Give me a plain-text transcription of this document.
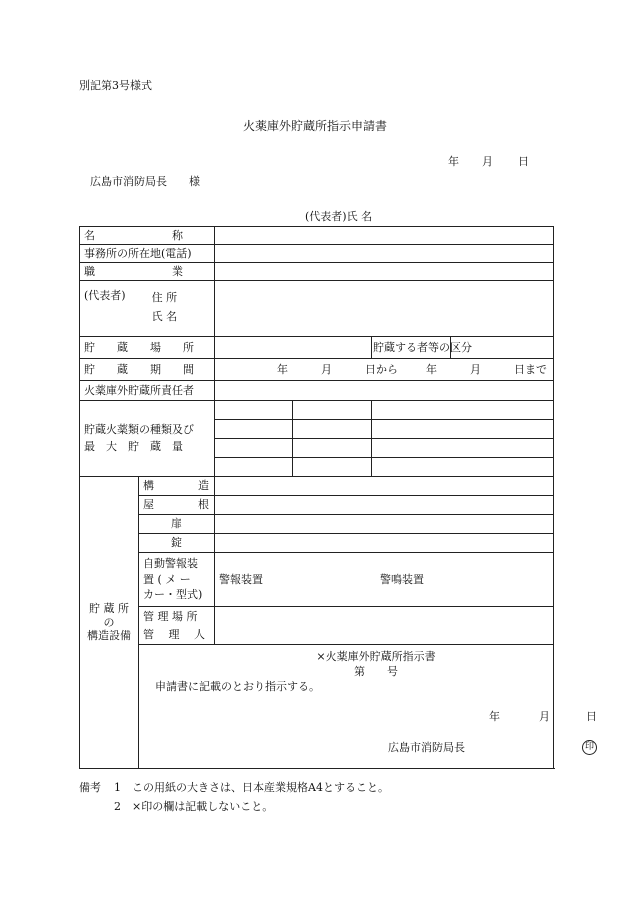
別記第3号様式
火薬庫外貯蔵所指示申請書
年 月 日
広島市消防局長　　様
(代表者)氏 名
名　　　　　　　称	
事務所の所在地(電話)	
職　　　　　　　業	

(代表者) 住 所
氏 名

貯　　蔵　　場　　所		貯蔵する者等の区分	
貯　　蔵　　期　　間	年　　　月　　　日から	年　　　月　　　日まで

火薬庫外貯蔵所責任者	
貯蔵火薬類の種類及び
最　大　貯　蔵　量			

貯 蔵 所
の
構造設備	構　　　　造	
屋　　　　根	
扉	
錠	
自動警報装
置 ( メ ー
カー・型式)	警報装置	警鳴装置
管 理 場 所
管　 理　 人	

×火薬庫外貯蔵所指示書
第　　号
申請書に記載のとおり指示する。
年	月	日
広島市消防局長	印
備考 1　この用紙の大きさは、日本産業規格A4とすること。
2　×印の欄は記載しないこと。
